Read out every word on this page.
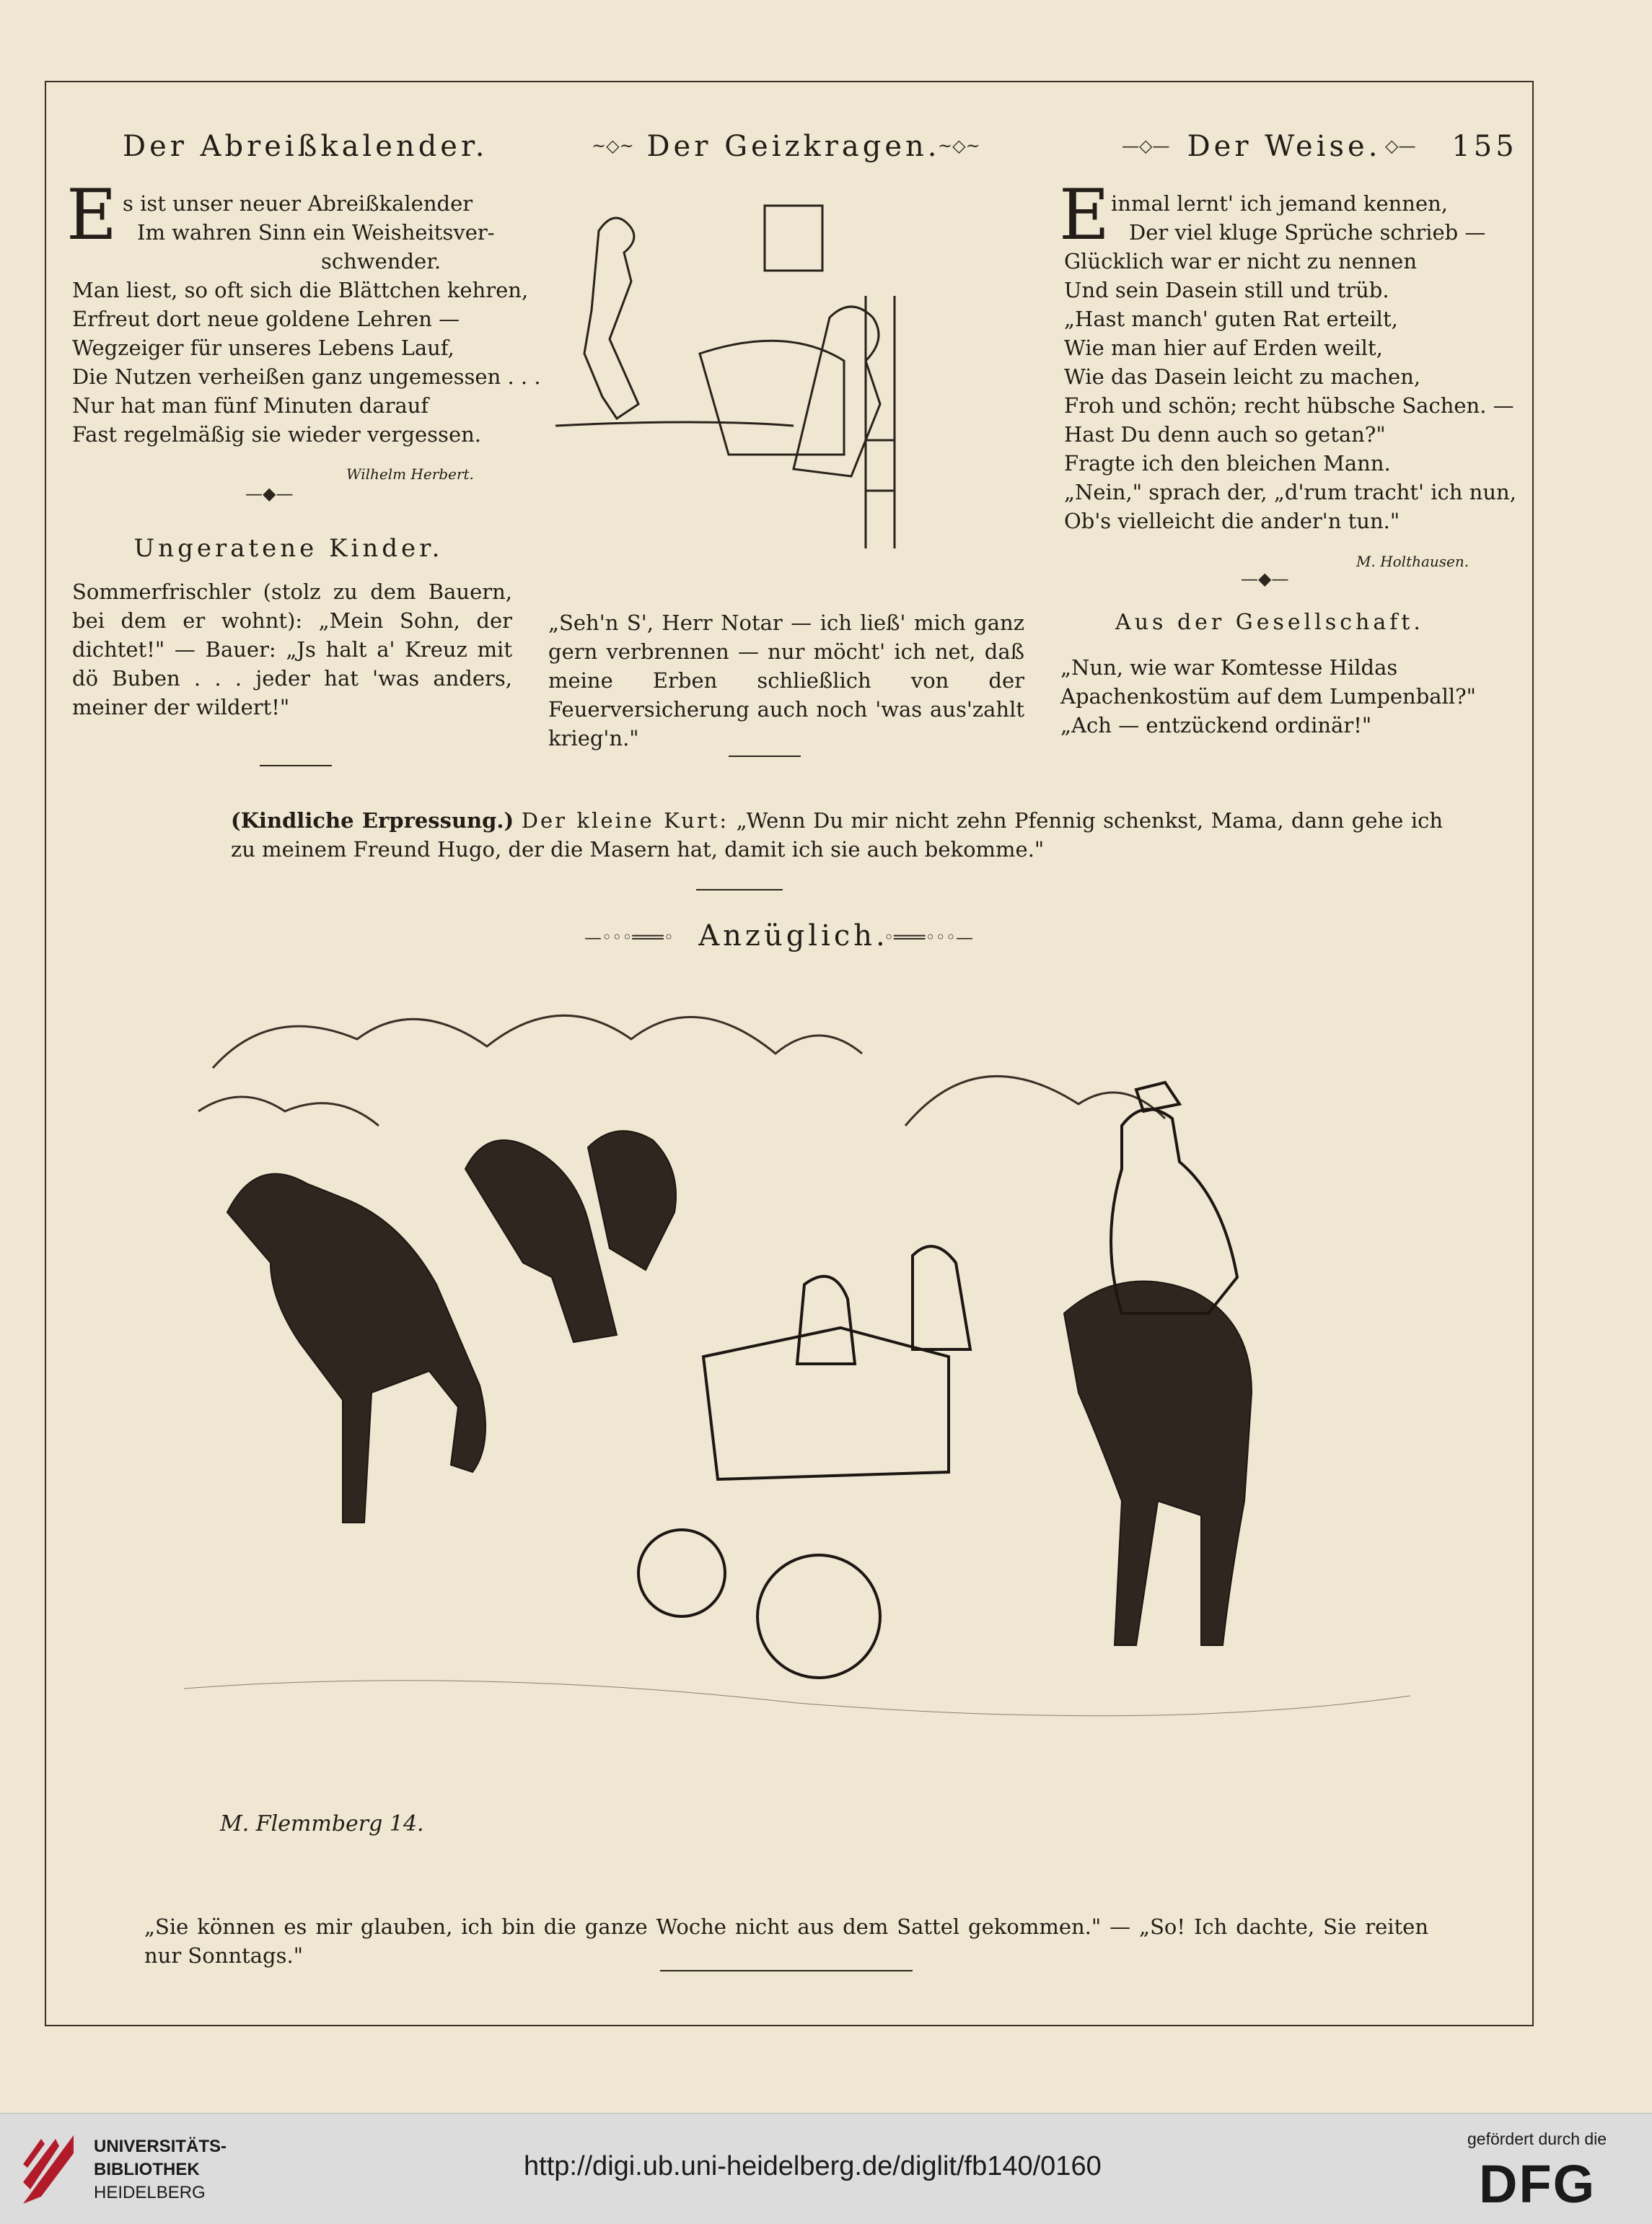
Der Abreißkalender.
E s ist unser neuer Abreißkalender
Im wahren Sinn ein Weisheitsver-
schwender.
Man liest, so oft sich die Blättchen kehren,
Erfreut dort neue goldene Lehren —
Wegzeiger für unseres Lebens Lauf,
Die Nutzen verheißen ganz ungemessen . . .
Nur hat man fünf Minuten darauf
Fast regelmäßig sie wieder vergessen.
Wilhelm Herbert.
—◆—
Ungeratene Kinder.
Sommerfrischler (stolz zu dem Bauern, bei dem er wohnt): „Mein Sohn, der dichtet!" — Bauer: „Js halt a' Kreuz mit dö Buben . . . jeder hat 'was anders, meiner der wildert!"
~◇~ Der Geizkragen.
~◇~
„Seh'n S', Herr Notar — ich ließ' mich ganz gern verbrennen — nur möcht' ich net, daß meine Erben schließlich von der Feuerversicherung auch noch 'was aus'zahlt krieg'n."
—◇— Der Weise. ◇— 155
E inmal lernt' ich jemand kennen,
Der viel kluge Sprüche schrieb —
Glücklich war er nicht zu nennen
Und sein Dasein still und trüb.
„Hast manch' guten Rat erteilt,
Wie man hier auf Erden weilt,
Wie das Dasein leicht zu machen,
Froh und schön; recht hübsche Sachen. —
Hast Du denn auch so getan?"
Fragte ich den bleichen Mann.
„Nein," sprach der, „d'rum tracht' ich nun,
Ob's vielleicht die ander'n tun."
M. Holthausen.
—◆—
Aus der Gesellschaft.
„Nun, wie war Komtesse Hildas Apachenkostüm auf dem Lumpenball?" „Ach — entzückend ordinär!"
(Kindliche Erpressung.) Der kleine Kurt: „Wenn Du mir nicht zehn Pfennig schenkst, Mama, dann gehe ich zu meinem Freund Hugo, der die Masern hat, damit ich sie auch bekomme."
—◦◦◦═══◦ Anzüglich.
◦═══◦◦◦—
M. Flemmberg 14.
„Sie können es mir glauben, ich bin die ganze Woche nicht aus dem Sattel gekommen." — „So! Ich dachte, Sie reiten nur Sonntags."
UNIVERSITÄTS-
BIBLIOTHEK
HEIDELBERG
http://digi.ub.uni-heidelberg.de/diglit/fb140/0160
gefördert durch die
DFG
